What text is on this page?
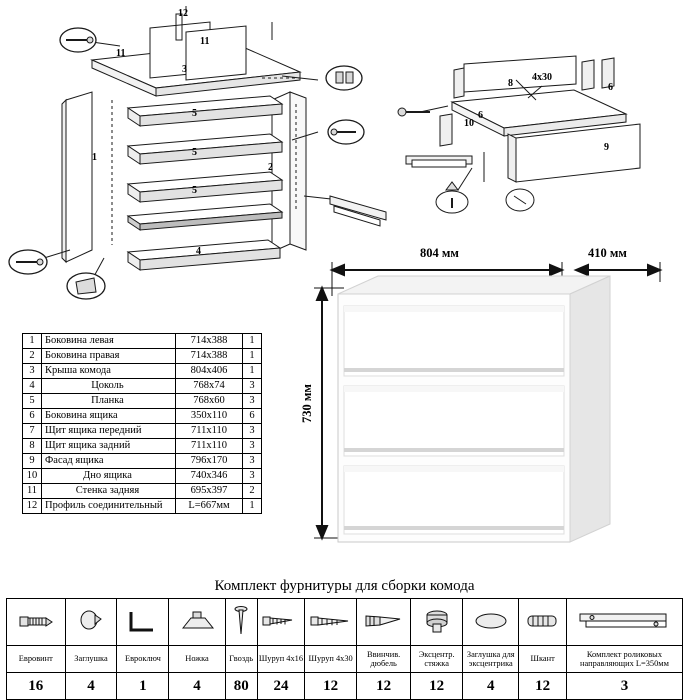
12
11
11
3
5
5
5
1
2
4
8
6
6
10
9
4x30
1	Боковина левая	714х388	1
2	Боковина правая	714х388	1
3	Крыша комода	804х406	1
4	Цоколь	768х74	3
5	Планка	768х60	3
6	Боковина ящика	350х110	6
7	Щит ящика передний	711х110	3
8	Щит ящика задний	711х110	3
9	Фасад ящика	796х170	3
10	Дно ящика	740х346	3
11	Стенка задняя	695х397	2
12	Профиль соединительный	L=667мм	1
804 мм	410 мм
730 мм
Комплект фурнитуры для сборки комода

Евровинт	Заглушка	Евроключ	Ножка	Гвоздь	Шуруп 4х16	Шуруп 4х30	Ввинчив. дюбель	Эксцентр. стяжка	Заглушка для эксцентрика	Шкант	Комплект роликовых направляющих L=350мм
16	4	1	4	80	24	12	12	12	4	12	3
